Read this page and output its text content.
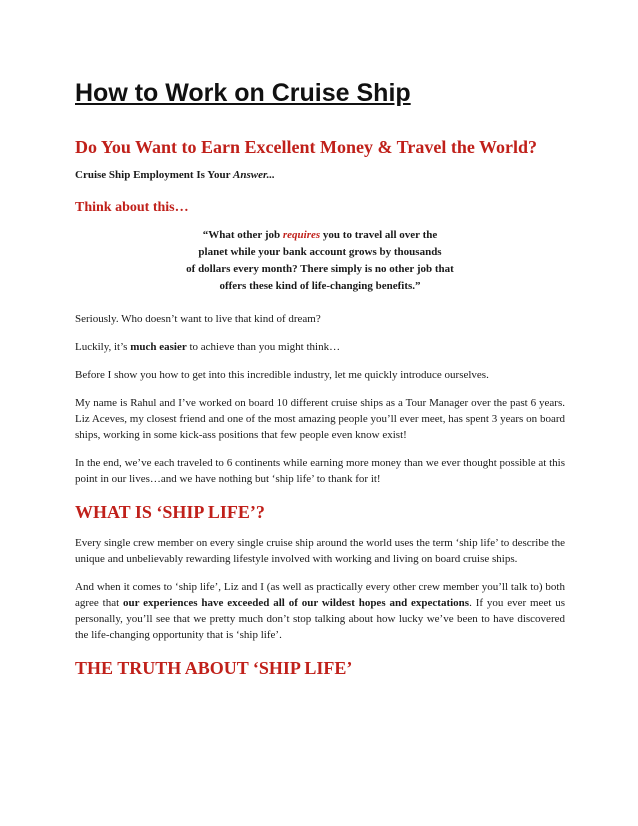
How to Work on Cruise Ship
Do You Want to Earn Excellent Money & Travel the World?
Cruise Ship Employment Is Your Answer...
Think about this…
“What other job requires you to travel all over the
planet while your bank account grows by thousands
of dollars every month? There simply is no other job that
offers these kind of life-changing benefits.”

Seriously. Who doesn’t want to live that kind of dream?

Luckily, it’s much easier to achieve than you might think…

Before I show you how to get into this incredible industry, let me quickly introduce ourselves.

My name is Rahul and I’ve worked on board 10 different cruise ships as a Tour Manager over the past 6 years. Liz Aceves, my closest friend and one of the most amazing people you’ll ever meet, has spent 3 years on board ships, working in some kick-ass positions that few people even know exist!

In the end, we’ve each traveled to 6 continents while earning more money than we ever thought possible at this point in our lives…and we have nothing but ‘ship life’ to thank for it!

WHAT IS ‘SHIP LIFE’?

Every single crew member on every single cruise ship around the world uses the term ‘ship life’ to describe the unique and unbelievably rewarding lifestyle involved with working and living on board cruise ships.

And when it comes to ‘ship life’, Liz and I (as well as practically every other crew member you’ll talk to) both agree that our experiences have exceeded all of our wildest hopes and expectations. If you ever meet us personally, you’ll see that we pretty much don’t stop talking about how lucky we’ve been to have discovered the life-changing opportunity that is ‘ship life’.

THE TRUTH ABOUT ‘SHIP LIFE’
